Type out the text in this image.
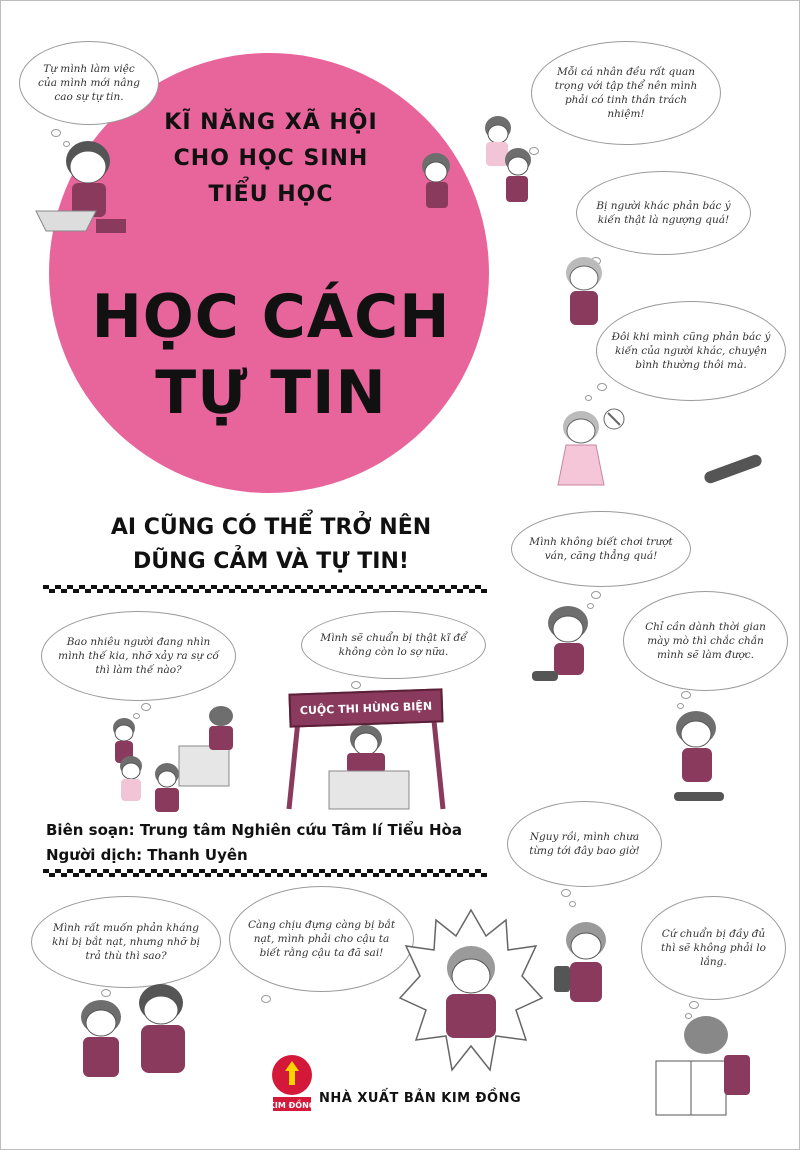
KĨ NĂNG XÃ HỘI
CHO HỌC SINH
TIỂU HỌC
HỌC CÁCH
TỰ TIN
AI CŨNG CÓ THỂ TRỞ NÊN
DŨNG CẢM VÀ TỰ TIN!
Biên soạn: Trung tâm Nghiên cứu Tâm lí Tiểu Hòa
Người dịch: Thanh Uyên
Tự mình làm việc của mình mới nâng cao sự tự tin.
Mỗi cá nhân đều rất quan trọng với tập thể nên mình phải có tinh thần trách nhiệm!
Bị người khác phản bác ý kiến thật là ngượng quá!
Đôi khi mình cũng phản bác ý kiến của người khác, chuyện bình thường thôi mà.
Mình không biết chơi trượt ván, căng thẳng quá!
Bao nhiêu người đang nhìn mình thế kia, nhỡ xảy ra sự cố thì làm thế nào?
Mình sẽ chuẩn bị thật kĩ để không còn lo sợ nữa.
Chỉ cần dành thời gian mày mò thì chắc chắn mình sẽ làm được.
Nguy rồi, mình chưa từng tới đây bao giờ!
Mình rất muốn phản kháng khi bị bắt nạt, nhưng nhỡ bị trả thù thì sao?
Càng chịu đựng càng bị bắt nạt, mình phải cho cậu ta biết rằng cậu ta đã sai!
Cứ chuẩn bị đầy đủ thì sẽ không phải lo lắng.
CUỘC THI HÙNG BIỆN
KIM ĐỒNG NHÀ XUẤT BẢN KIM ĐỒNG
